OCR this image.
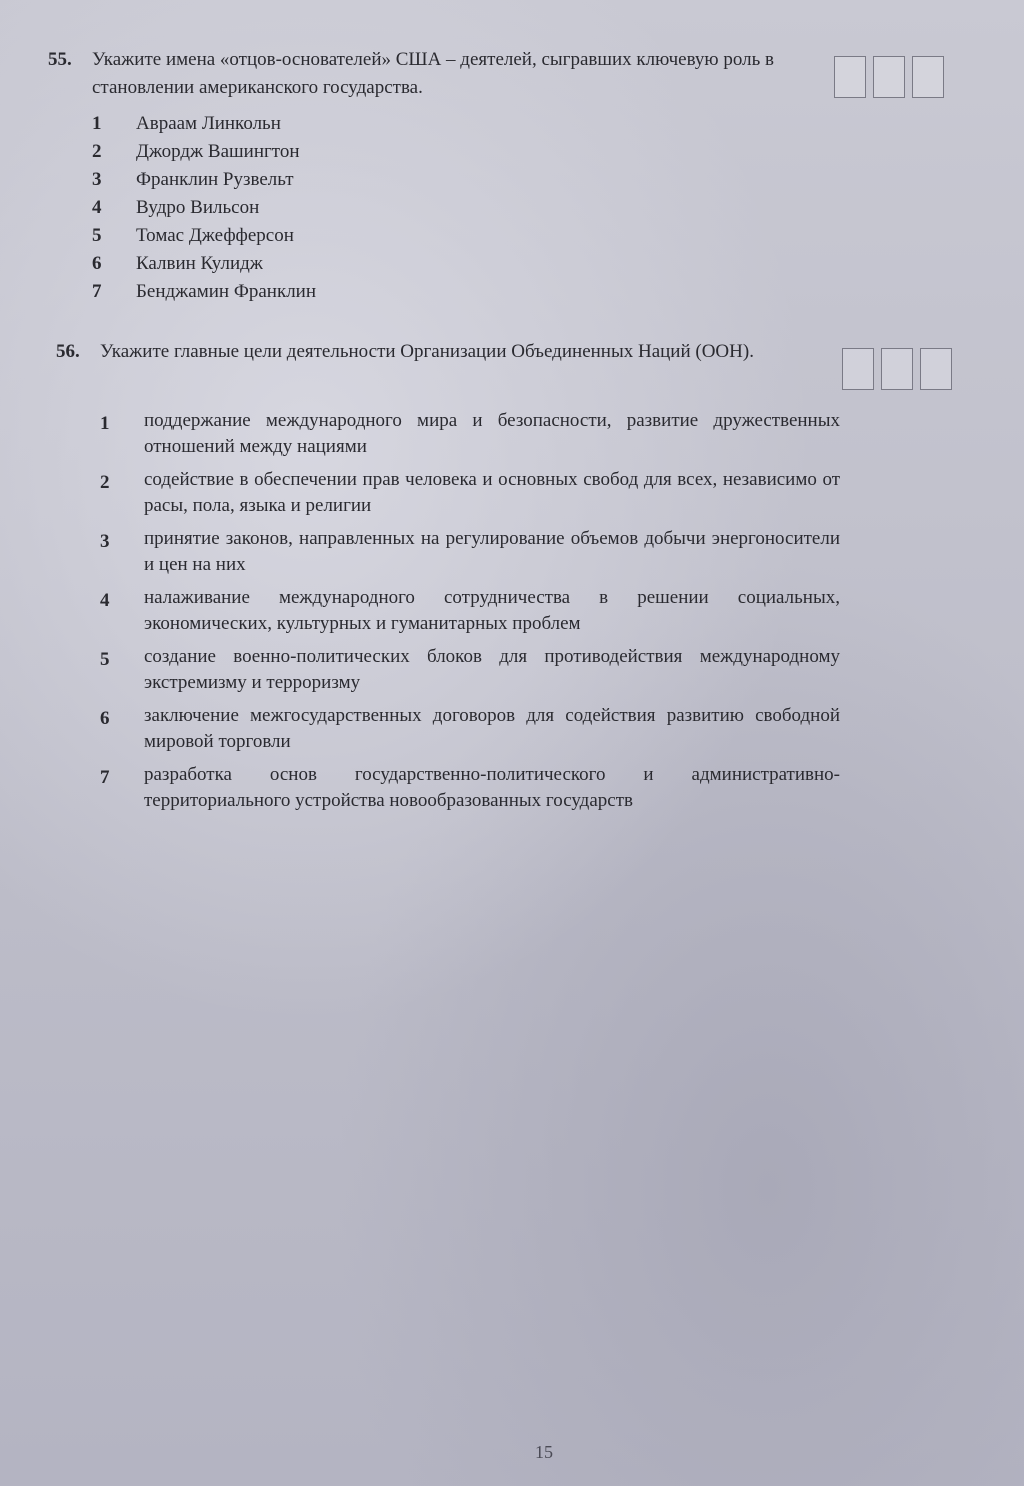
55.	Укажите имена «отцов-основателей» США – деятелей, сыгравших ключевую роль в становлении американского государства.
1	Авраам Линкольн
2	Джордж Вашингтон
3	Франклин Рузвельт
4	Вудро Вильсон
5	Томас Джефферсон
6	Калвин Кулидж
7	Бенджамин Франклин
56.	Укажите главные цели деятельности Организации Объединенных Наций (ООН).
1	поддержание международного мира и безопасности, развитие дружественных отношений между нациями
2	содействие в обеспечении прав человека и основных свобод для всех, независимо от расы, пола, языка и религии
3	принятие законов, направленных на регулирование объемов добычи энергоносители и цен на них
4	налаживание международного сотрудничества в решении социальных, экономических, культурных и гуманитарных проблем
5	создание военно-политических блоков для противодействия международному экстремизму и терроризму
6	заключение межгосударственных договоров для содействия развитию свободной мировой торговли
7	разработка основ государственно-политического и административно-территориального устройства новообразованных государств
15
